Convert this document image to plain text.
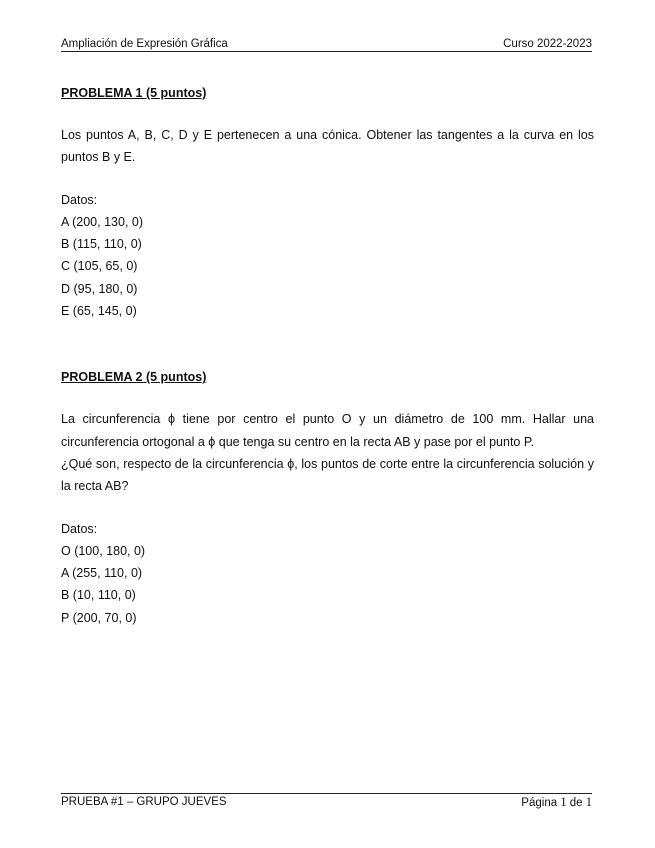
Ampliación de Expresión Gráfica	Curso 2022-2023
PROBLEMA 1 (5 puntos)

Los puntos A, B, C, D y E pertenecen a una cónica. Obtener las tangentes a la curva en los puntos B y E.

Datos:
A (200, 130, 0)
B (115, 110, 0)
C (105, 65, 0)
D (95, 180, 0)
E (65, 145, 0)
PROBLEMA 2 (5 puntos)

La circunferencia ϕ tiene por centro el punto O y un diámetro de 100 mm. Hallar una circunferencia ortogonal a ϕ que tenga su centro en la recta AB y pase por el punto P.

¿Qué son, respecto de la circunferencia ϕ, los puntos de corte entre la circunferencia solución y la recta AB?

Datos:
O (100, 180, 0)
A (255, 110, 0)
B (10, 110, 0)
P (200, 70, 0)
PRUEBA #1 – GRUPO JUEVES	Página 1 de 1
